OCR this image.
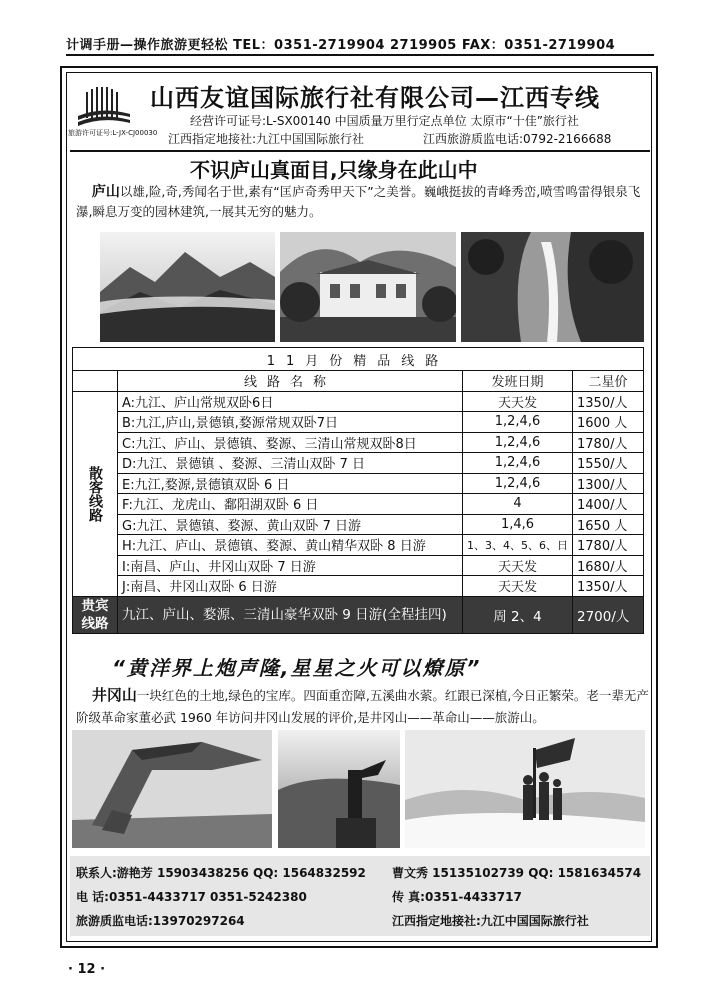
计调手册—操作旅游更轻松 TEL：0351-2719904 2719905 FAX：0351-2719904
旅游许可证号:L-JX-CJ00030
山西友谊国际旅行社有限公司—江西专线
经营许可证号:L-SX00140 中国质量万里行定点单位 太原市“十佳”旅行社
江西指定地接社:九江中国国际旅行社	江西旅游质监电话:0792-2166688
不识庐山真面目,只缘身在此山中
庐山以雄,险,奇,秀闻名于世,素有“匡庐奇秀甲天下”之美誉。巍峨挺拔的青峰秀峦,喷雪鸣雷得银泉飞瀑,瞬息万变的园林建筑,一展其无穷的魅力。
11月份精品线路			
	线路名称	发班日期	二星价
散客线路	A:九江、庐山常规双卧6日	天天发	1350/人
	B:九江,庐山,景德镇,婺源常规双卧7日	1,2,4,6	1600 人
	C:九江、庐山、景德镇、婺源、三清山常规双卧8日	1,2,4,6	1780/人
	D:九江、景德镇 、婺源、三清山双卧 7 日	1,2,4,6	1550/人
	E:九江,婺源,景德镇双卧 6 日	1,2,4,6	1300/人
	F:九江、龙虎山、鄱阳湖双卧 6 日	4	1400/人
	G:九江、景德镇、婺源、黄山双卧 7 日游	1,4,6	1650 人
	H:九江、庐山、景德镇、婺源、黄山精华双卧 8 日游	1、3、4、5、6、日	1780/人
	I:南昌、庐山、井冈山双卧 7 日游	天天发	1680/人
	J:南昌、井冈山双卧 6 日游	天天发	1350/人
贵宾
线路	九江、庐山、婺源、三清山豪华双卧 9 日游(全程挂四)	周 2、4	2700/人
“黄洋界上炮声隆,星星之火可以燎原”
井冈山一块红色的土地,绿色的宝库。四面重峦障,五溪曲水萦。红跟已深植,今日正繁荣。老一辈无产阶级革命家董必武 1960 年访问井冈山发展的评价,是井冈山——革命山——旅游山。
联系人:游艳芳 15903438256 QQ: 1564832592 曹文秀 15135102739 QQ: 1581634574
电 话:0351-4433717 0351-5242380	传 真:0351-4433717
旅游质监电话:13970297264	江西指定地接社:九江中国国际旅行社
· 12 ·
